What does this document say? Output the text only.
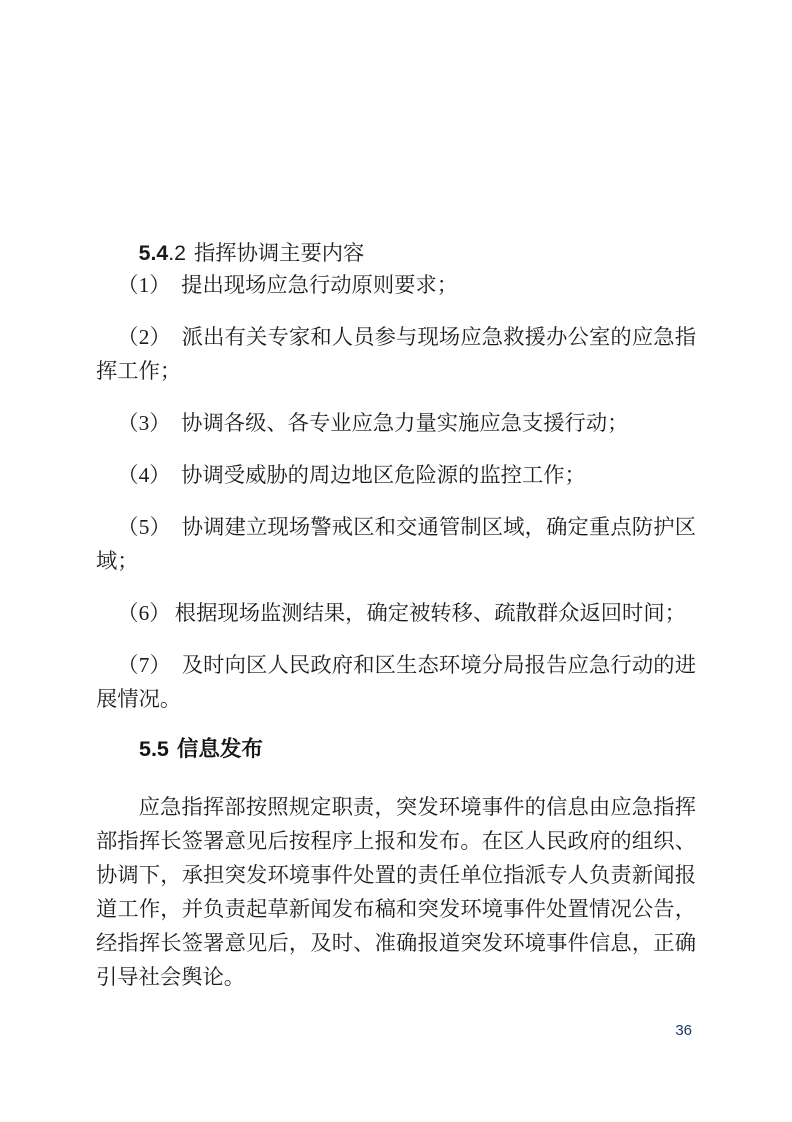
5.4.2 指挥协调主要内容

（1）　提出现场应急行动原则要求；

（2）　派出有关专家和人员参与现场应急救援办公室的应急指挥工作；

（3）　协调各级、各专业应急力量实施应急支援行动；

（4）　协调受威胁的周边地区危险源的监控工作；

（5）　协调建立现场警戒区和交通管制区域，确定重点防护区域；

（6） 根据现场监测结果，确定被转移、疏散群众返回时间；

（7）　及时向区人民政府和区生态环境分局报告应急行动的进展情况。

5.5 信息发布

应急指挥部按照规定职责，突发环境事件的信息由应急指挥部指挥长签署意见后按程序上报和发布。在区人民政府的组织、协调下，承担突发环境事件处置的责任单位指派专人负责新闻报道工作，并负责起草新闻发布稿和突发环境事件处置情况公告，经指挥长签署意见后，及时、准确报道突发环境事件信息，正确引导社会舆论。

36
